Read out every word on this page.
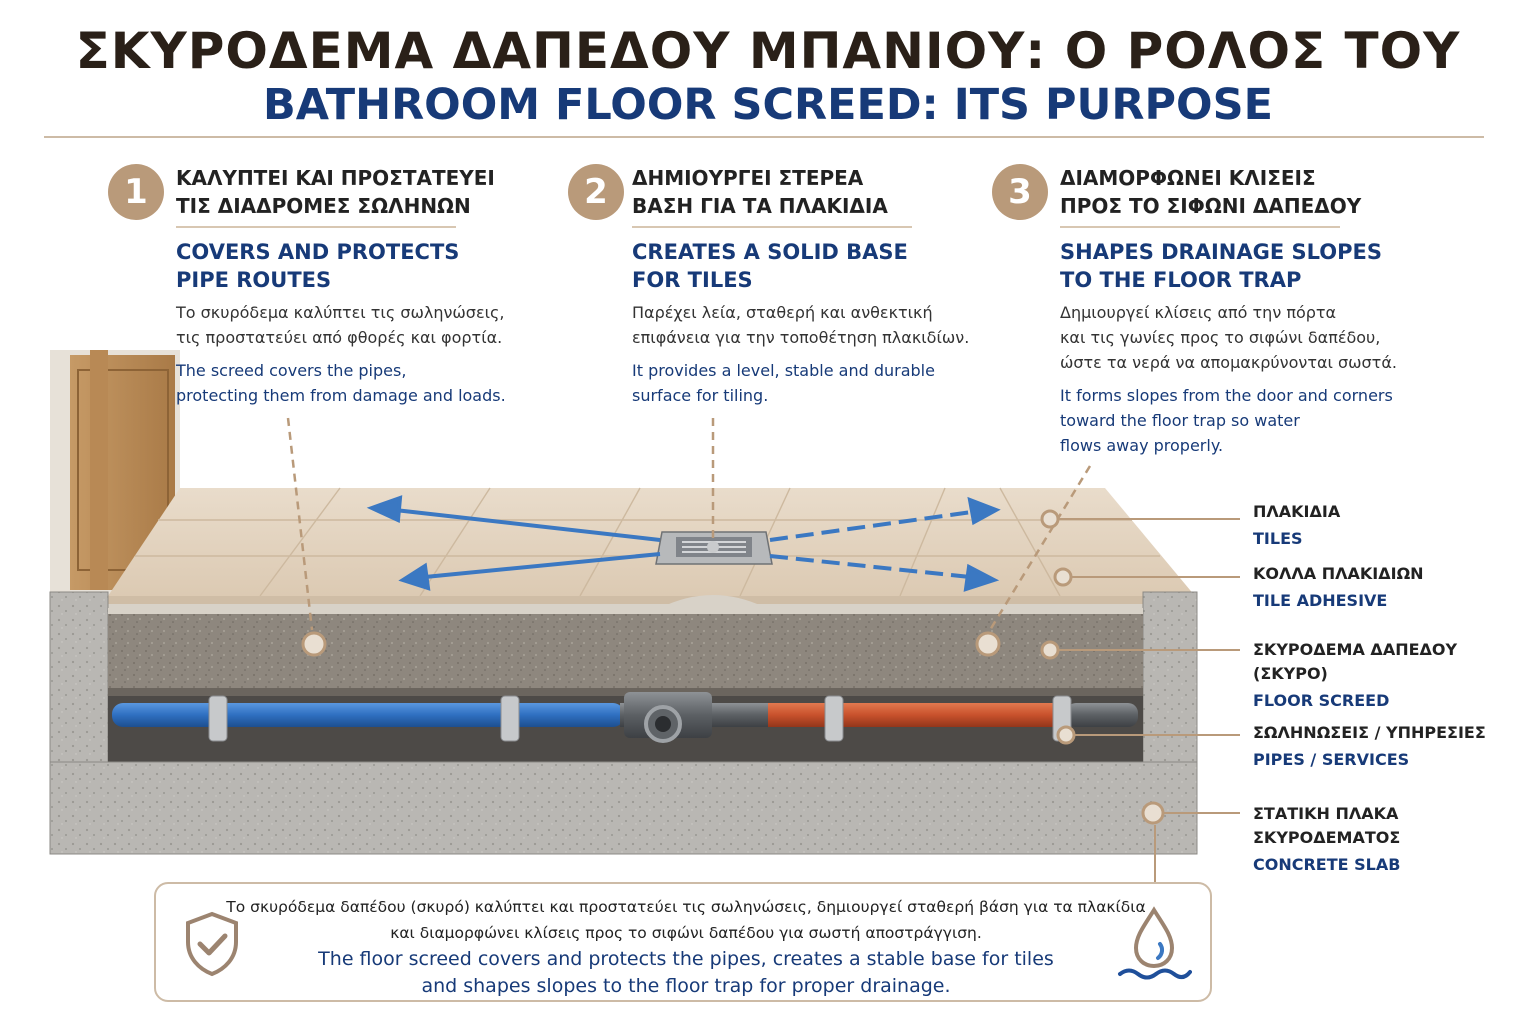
ΣΚΥΡΟΔΕΜΑ ΔΑΠΕΔΟΥ ΜΠΑΝΙΟΥ: Ο ΡΟΛΟΣ ΤΟΥ
BATHROOM FLOOR SCREED: ITS PURPOSE
1	ΚΑΛΥΠΤΕΙ ΚΑΙ ΠΡΟΣΤΑΤΕΥΕΙ
ΤΙΣ ΔΙΑΔΡΟΜΕΣ ΣΩΛΗΝΩΝ
COVERS AND PROTECTS
PIPE ROUTES
Το σκυρόδεμα καλύπτει τις σωληνώσεις,
τις προστατεύει από φθορές και φορτία.
The screed covers the pipes,
protecting them from damage and loads.
2	ΔΗΜΙΟΥΡΓΕΙ ΣΤΕΡΕΑ
ΒΑΣΗ ΓΙΑ ΤΑ ΠΛΑΚΙΔΙΑ
CREATES A SOLID BASE
FOR TILES
Παρέχει λεία, σταθερή και ανθεκτική
επιφάνεια για την τοποθέτηση πλακιδίων.
It provides a level, stable and durable
surface for tiling.
3	ΔΙΑΜΟΡΦΩΝΕΙ ΚΛΙΣΕΙΣ
ΠΡΟΣ ΤΟ ΣΙΦΩΝΙ ΔΑΠΕΔΟΥ
SHAPES DRAINAGE SLOPES
TO THE FLOOR TRAP
Δημιουργεί κλίσεις από την πόρτα
και τις γωνίες προς το σιφώνι δαπέδου,
ώστε τα νερά να απομακρύνονται σωστά.
It forms slopes from the door and corners
toward the floor trap so water
flows away properly.
ΠΛΑΚΙΔΙΑ
TILES
ΚΟΛΛΑ ΠΛΑΚΙΔΙΩΝ
TILE ADHESIVE
ΣΚΥΡΟΔΕΜΑ ΔΑΠΕΔΟΥ (ΣΚΥΡΟ)
FLOOR SCREED
ΣΩΛΗΝΩΣΕΙΣ / ΥΠΗΡΕΣΙΕΣ
PIPES / SERVICES
ΣΤΑΤΙΚΗ ΠΛΑΚΑ ΣΚΥΡΟΔΕΜΑΤΟΣ
CONCRETE SLAB
Το σκυρόδεμα δαπέδου (σκυρό) καλύπτει και προστατεύει τις σωληνώσεις, δημιουργεί σταθερή βάση για τα πλακίδια
και διαμορφώνει κλίσεις προς το σιφώνι δαπέδου για σωστή αποστράγγιση.
The floor screed covers and protects the pipes, creates a stable base for tiles
and shapes slopes to the floor trap for proper drainage.
